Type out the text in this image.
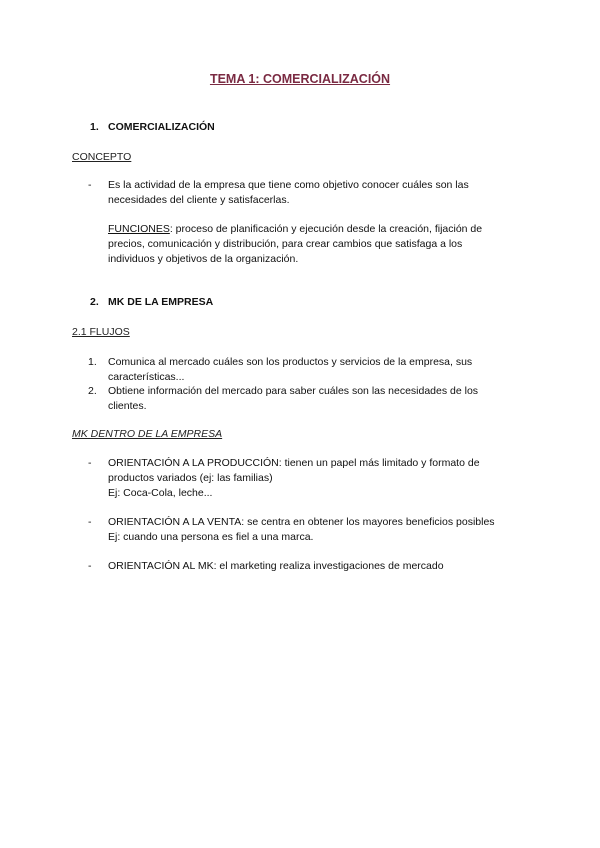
TEMA 1: COMERCIALIZACIÓN
1. COMERCIALIZACIÓN
CONCEPTO
- Es la actividad de la empresa que tiene como objetivo conocer cuáles son las
necesidades del cliente y satisfacerlas.
FUNCIONES: proceso de planificación y ejecución desde la creación, fijación de
precios, comunicación y distribución, para crear cambios que satisfaga a los
individuos y objetivos de la organización.
2. MK DE LA EMPRESA
2.1 FLUJOS
1. Comunica al mercado cuáles son los productos y servicios de la empresa, sus
características...
2. Obtiene información del mercado para saber cuáles son las necesidades de los
clientes.
MK DENTRO DE LA EMPRESA
- ORIENTACIÓN A LA PRODUCCIÓN: tienen un papel más limitado y formato de
productos variados (ej: las familias)
Ej: Coca-Cola, leche...
- ORIENTACIÓN A LA VENTA: se centra en obtener los mayores beneficios posibles
Ej: cuando una persona es fiel a una marca.
- ORIENTACIÓN AL MK: el marketing realiza investigaciones de mercado
